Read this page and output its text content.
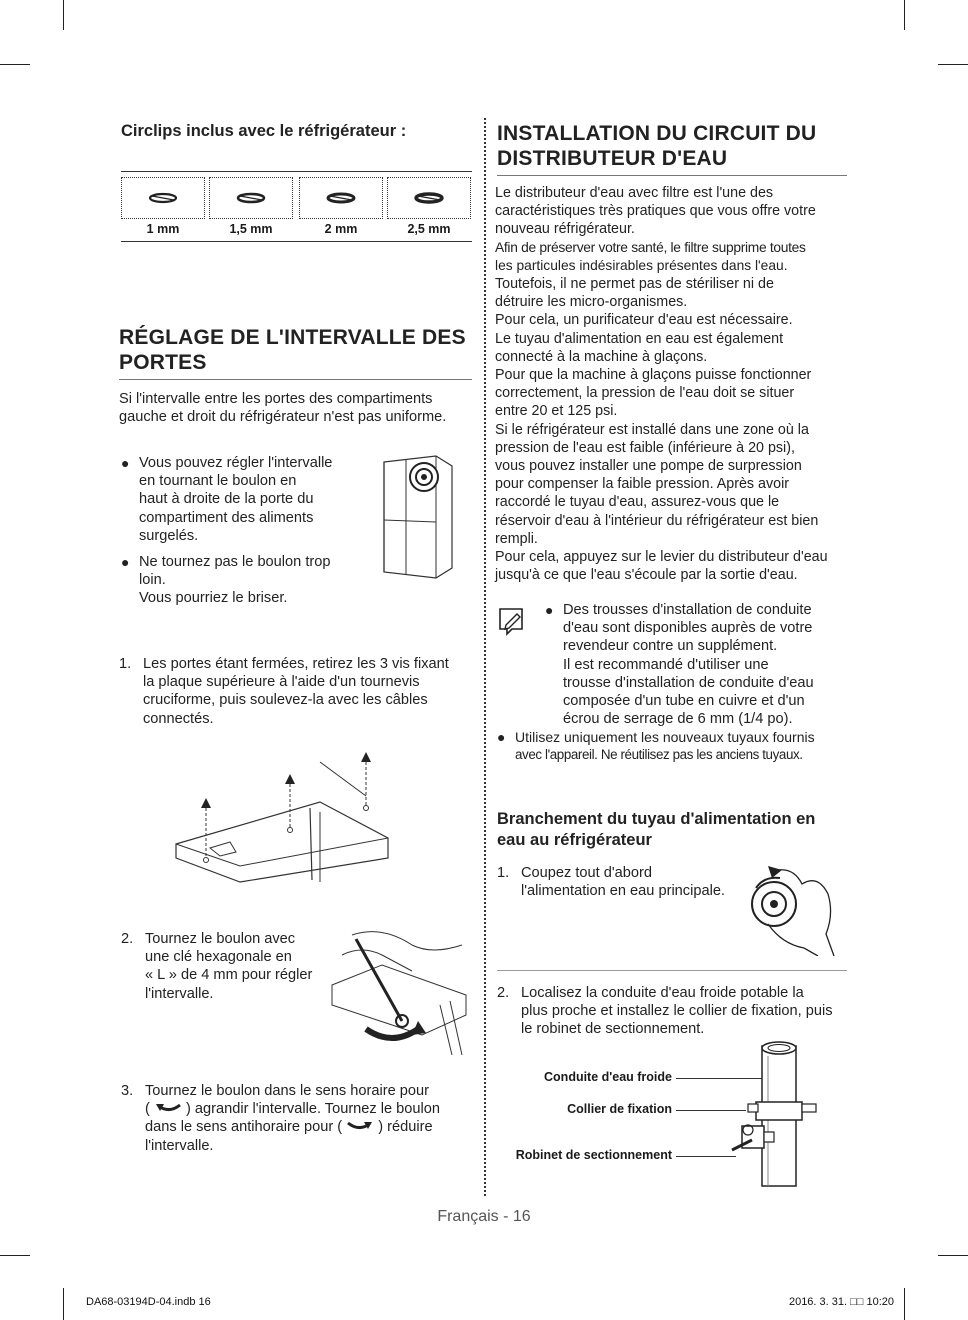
Circlips inclus avec le réfrigérateur :
1 mm	1,5 mm	2 mm	2,5 mm
RÉGLAGE DE L'INTERVALLE DES
PORTES
Si l'intervalle entre les portes des compartiments
gauche et droit du réfrigérateur n'est pas uniforme.
● Vous pouvez régler l'intervalle
en tournant le boulon en
haut à droite de la porte du
compartiment des aliments
surgelés.
● Ne tournez pas le boulon trop
loin.
Vous pourriez le briser.
1. Les portes étant fermées, retirez les 3 vis fixant
la plaque supérieure à l'aide d'un tournevis
cruciforme, puis soulevez-la avec les câbles
connectés.
2. Tournez le boulon avec
une clé hexagonale en
« L » de 4 mm pour régler
l'intervalle.
3. Tournez le boulon dans le sens horaire pour
( ) agrandir l'intervalle. Tournez le boulon
dans le sens antihoraire pour ( ) réduire
l'intervalle.
INSTALLATION DU CIRCUIT DU
DISTRIBUTEUR D'EAU
Le distributeur d'eau avec filtre est l'une des
caractéristiques très pratiques que vous offre votre
nouveau réfrigérateur.
Afin de préserver votre santé, le filtre supprime toutes
les particules indésirables présentes dans l'eau.
Toutefois, il ne permet pas de stériliser ni de
détruire les micro-organismes.
Pour cela, un purificateur d'eau est nécessaire.
Le tuyau d'alimentation en eau est également
connecté à la machine à glaçons.
Pour que la machine à glaçons puisse fonctionner
correctement, la pression de l'eau doit se situer
entre 20 et 125 psi.
Si le réfrigérateur est installé dans une zone où la
pression de l'eau est faible (inférieure à 20 psi),
vous pouvez installer une pompe de surpression
pour compenser la faible pression. Après avoir
raccordé le tuyau d'eau, assurez-vous que le
réservoir d'eau à l'intérieur du réfrigérateur est bien
rempli.
Pour cela, appuyez sur le levier du distributeur d'eau
jusqu'à ce que l'eau s'écoule par la sortie d'eau.
● Des trousses d'installation de conduite
d'eau sont disponibles auprès de votre
revendeur contre un supplément.
Il est recommandé d'utiliser une
trousse d'installation de conduite d'eau
composée d'un tube en cuivre et d'un
écrou de serrage de 6 mm (1/4 po).
● Utilisez uniquement les nouveaux tuyaux fournis
avec l'appareil. Ne réutilisez pas les anciens tuyaux.
Branchement du tuyau d'alimentation en
eau au réfrigérateur
1. Coupez tout d'abord
l'alimentation en eau principale.
2. Localisez la conduite d'eau froide potable la
plus proche et installez le collier de fixation, puis
le robinet de sectionnement.
Conduite d'eau froide
Collier de fixation
Robinet de sectionnement
Français - 16
DA68-03194D-04.indb 16	2016. 3. 31. □□ 10:20
